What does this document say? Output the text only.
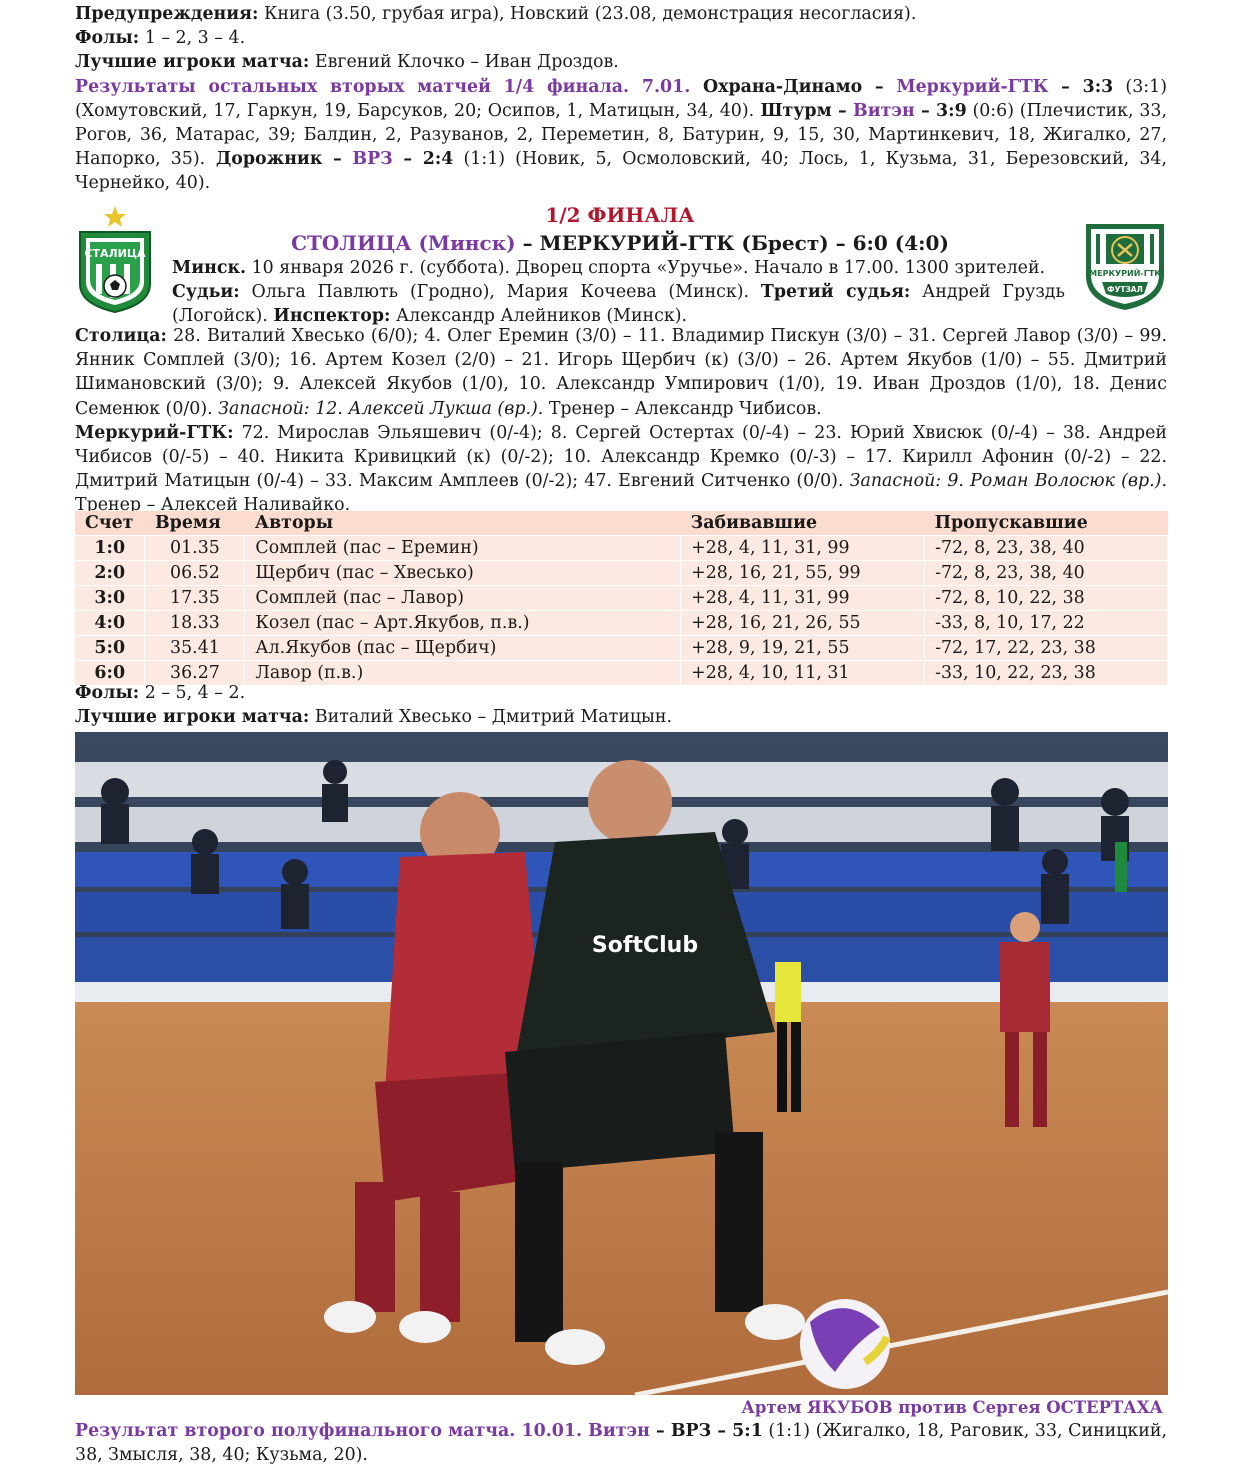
Предупреждения: Книга (3.50, грубая игра), Новский (23.08, демонстрация несогласия).
Фолы: 1 – 2, 3 – 4.
Лучшие игроки матча: Евгений Клочко – Иван Дроздов.
Результаты остальных вторых матчей 1/4 финала. 7.01. Охрана-Динамо – Меркурий-ГТК – 3:3 (3:1) (Хомутовский, 17, Гаркун, 19, Барсуков, 20; Осипов, 1, Матицын, 34, 40). Штурм – Витэн – 3:9 (0:6) (Плечистик, 33, Рогов, 36, Матарас, 39; Балдин, 2, Разуванов, 2, Переметин, 8, Батурин, 9, 15, 30, Мартинкевич, 18, Жигалко, 27, Напорко, 35). Дорожник – ВРЗ – 2:4 (1:1) (Новик, 5, Осмоловский, 40; Лось, 1, Кузьма, 31, Березовский, 34, Чернейко, 40).
СТАЛИЦА
МЕРКУРИЙ-ГТК
ФУТЗАЛ
1/2 ФИНАЛА
СТОЛИЦА (Минск) – МЕРКУРИЙ-ГТК (Брест) – 6:0 (4:0)
Минск. 10 января 2026 г. (суббота). Дворец спорта «Уручье». Начало в 17.00. 1300 зрителей.
Судьи: Ольга Павлють (Гродно), Мария Кочеева (Минск). Третий судья: Андрей Груздь (Логойск). Инспектор: Александр Алейников (Минск).
Столица: 28. Виталий Хвесько (6/0); 4. Олег Еремин (3/0) – 11. Владимир Пискун (3/0) – 31. Сергей Лавор (3/0) – 99. Янник Сомплей (3/0); 16. Артем Козел (2/0) – 21. Игорь Щербич (к) (3/0) – 26. Артем Якубов (1/0) – 55. Дмитрий Шимановский (3/0); 9. Алексей Якубов (1/0), 10. Александр Умпирович (1/0), 19. Иван Дроздов (1/0), 18. Денис Семенюк (0/0). Запасной: 12. Алексей Лукша (вр.). Тренер – Александр Чибисов.
Меркурий-ГТК: 72. Мирослав Эльяшевич (0/-4); 8. Сергей Остертах (0/-4) – 23. Юрий Хвисюк (0/-4) – 38. Андрей Чибисов (0/-5) – 40. Никита Кривицкий (к) (0/-2); 10. Александр Кремко (0/-3) – 17. Кирилл Афонин (0/-2) – 22. Дмитрий Матицын (0/-4) – 33. Максим Амплеев (0/-2); 47. Евгений Ситченко (0/0). Запасной: 9. Роман Волосюк (вр.). Тренер – Алексей Наливайко.
Счет	Время	Авторы	Забивавшие	Пропускавшие
1:0	01.35	Сомплей (пас – Еремин)	+28, 4, 11, 31, 99	-72, 8, 23, 38, 40
2:0	06.52	Щербич (пас – Хвесько)	+28, 16, 21, 55, 99	-72, 8, 23, 38, 40
3:0	17.35	Сомплей (пас – Лавор)	+28, 4, 11, 31, 99	-72, 8, 10, 22, 38
4:0	18.33	Козел (пас – Арт.Якубов, п.в.)	+28, 16, 21, 26, 55	-33, 8, 10, 17, 22
5:0	35.41	Ал.Якубов (пас – Щербич)	+28, 9, 19, 21, 55	-72, 17, 22, 23, 38
6:0	36.27	Лавор (п.в.)	+28, 4, 10, 11, 31	-33, 10, 22, 23, 38
Фолы: 2 – 5, 4 – 2.
Лучшие игроки матча: Виталий Хвесько – Дмитрий Матицын.
SoftClub
Артем ЯКУБОВ против Сергея ОСТЕРТАХА
Результат второго полуфинального матча. 10.01. Витэн – ВРЗ – 5:1 (1:1) (Жигалко, 18, Раговик, 33, Синицкий, 38, Змысля, 38, 40; Кузьма, 20).
